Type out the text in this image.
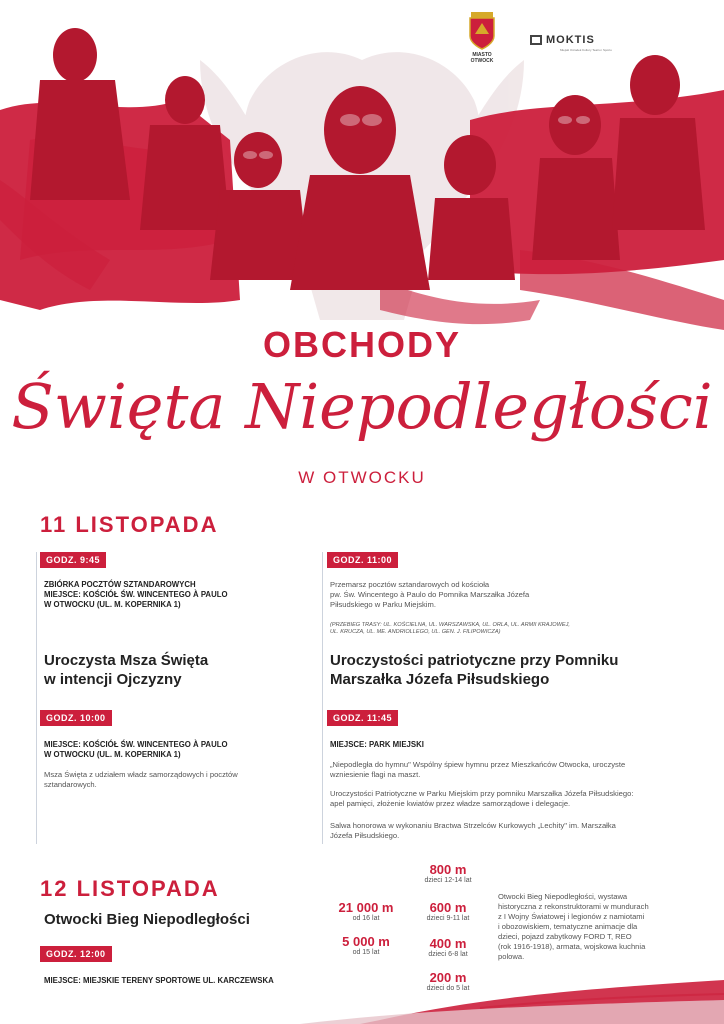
MIASTO OTWOCK
MOKTIS
Miejski Ośrodek Kultury Teatru i Sportu
OBCHODY
Święta Niepodległości
W OTWOCKU
11 LISTOPADA
GODZ. 9:45
ZBIÓRKA POCZTÓW SZTANDAROWYCH
MIEJSCE: KOŚCIÓŁ ŚW. WINCENTEGO À PAULO
W OTWOCKU (UL. M. KOPERNIKA 1)
Uroczysta Msza Święta
w intencji Ojczyzny
GODZ. 10:00
MIEJSCE: KOŚCIÓŁ ŚW. WINCENTEGO À PAULO
W OTWOCKU (UL. M. KOPERNIKA 1)
Msza Święta z udziałem władz samorządowych i pocztów
sztandarowych.
GODZ. 11:00
Przemarsz pocztów sztandarowych od kościoła
pw. Św. Wincentego à Paulo do Pomnika Marszałka Józefa
Piłsudskiego w Parku Miejskim.
(PRZEBIEG TRASY: UL. KOŚCIELNA, UL. WARSZAWSKA, UL. ORLA, UL. ARMII KRAJOWEJ,
UL. KRUCZA, UL. ME. ANDRIOLLEGO, UL. GEN. J. FILIPOWICZA)
Uroczystości patriotyczne przy Pomniku
Marszałka Józefa Piłsudskiego
GODZ. 11:45
MIEJSCE: PARK MIEJSKI
„Niepodległa do hymnu" Wspólny śpiew hymnu przez Mieszkańców Otwocka, uroczyste
wzniesienie flagi na maszt.
Uroczystości Patriotyczne w Parku Miejskim przy pomniku Marszałka Józefa Piłsudskiego:
apel pamięci, złożenie kwiatów przez władze samorządowe i delegacje.
Salwa honorowa w wykonaniu Bractwa Strzelców Kurkowych „Lechity" im. Marszałka
Józefa Piłsudskiego.
12 LISTOPADA
Otwocki Bieg Niepodległości
GODZ. 12:00
MIEJSCE: MIEJSKIE TERENY SPORTOWE UL. KARCZEWSKA
21 000 m
od 16 lat
5 000 m
od 15 lat
800 m
dzieci 12-14 lat
600 m
dzieci 9-11 lat
400 m
dzieci 6-8 lat
200 m
dzieci do 5 lat
Otwocki Bieg Niepodległości, wystawa
historyczna z rekonstruktorami w mundurach
z I Wojny Światowej i legionów z namiotami
i obozowiskiem, tematyczne animacje dla
dzieci, pojazd zabytkowy FORD T, REO
(rok 1916-1918), armata, wojskowa kuchnia
polowa.
